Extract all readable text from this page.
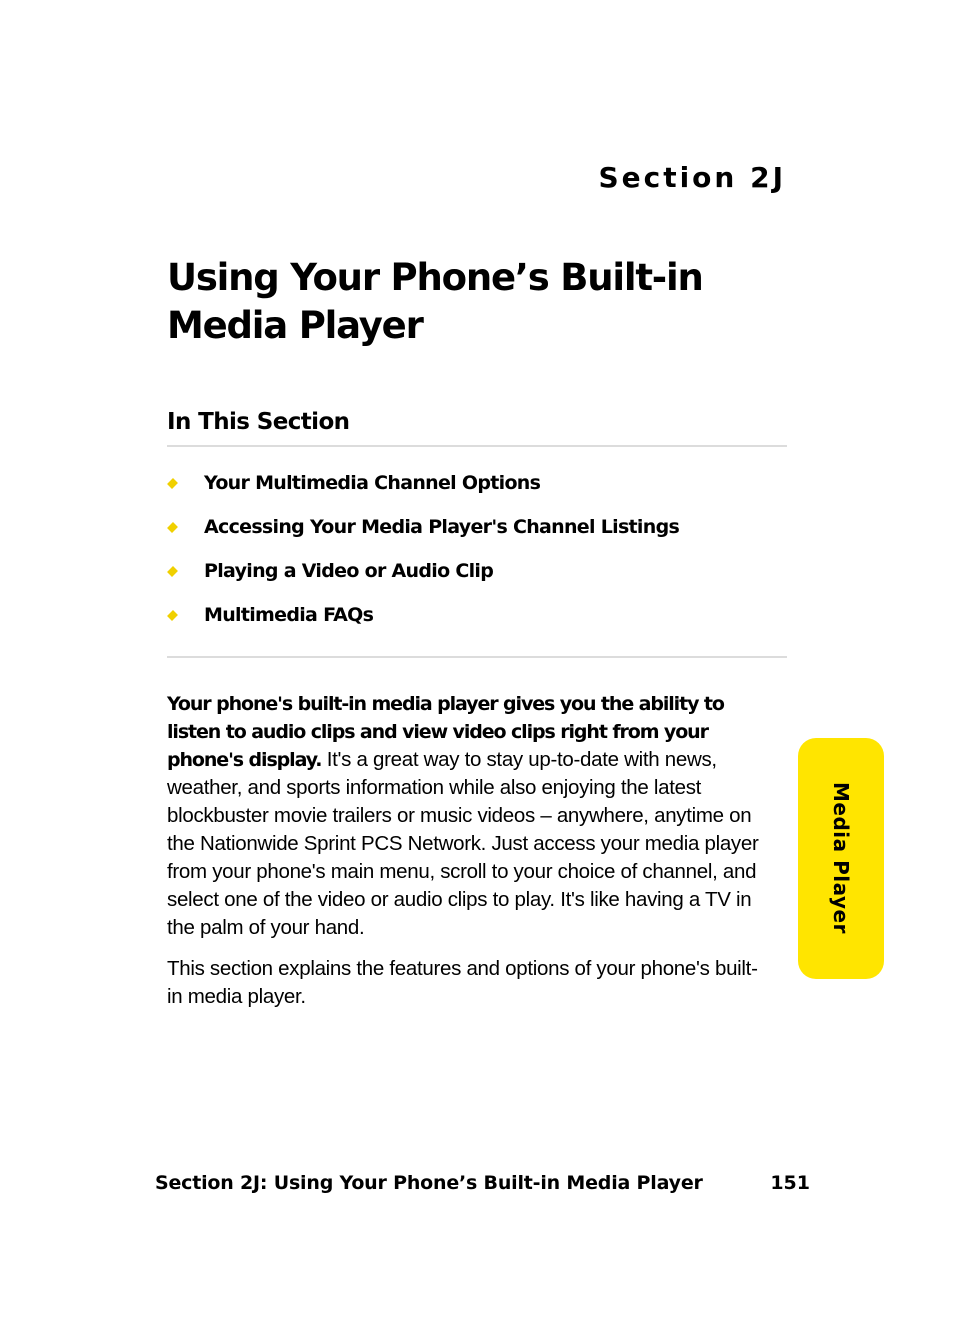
Section 2J
Using Your Phone’s Built-in
Media Player
In This Section
Your Multimedia Channel Options
Accessing Your Media Player's Channel Listings
Playing a Video or Audio Clip
Multimedia FAQs

Your phone's built-in media player gives you the ability to listen to audio clips and view video clips right from your phone's display. It's a great way to stay up-to-date with news, weather, and sports information while also enjoying the latest blockbuster movie trailers or music videos – anywhere, anytime on the Nationwide Sprint PCS Network. Just access your media player from your phone's main menu, scroll to your choice of channel, and select one of the video or audio clips to play. It's like having a TV in the palm of your hand.

This section explains the features and options of your phone's built-in media player.

Media Player
Section 2J: Using Your Phone’s Built-in Media Player	151
